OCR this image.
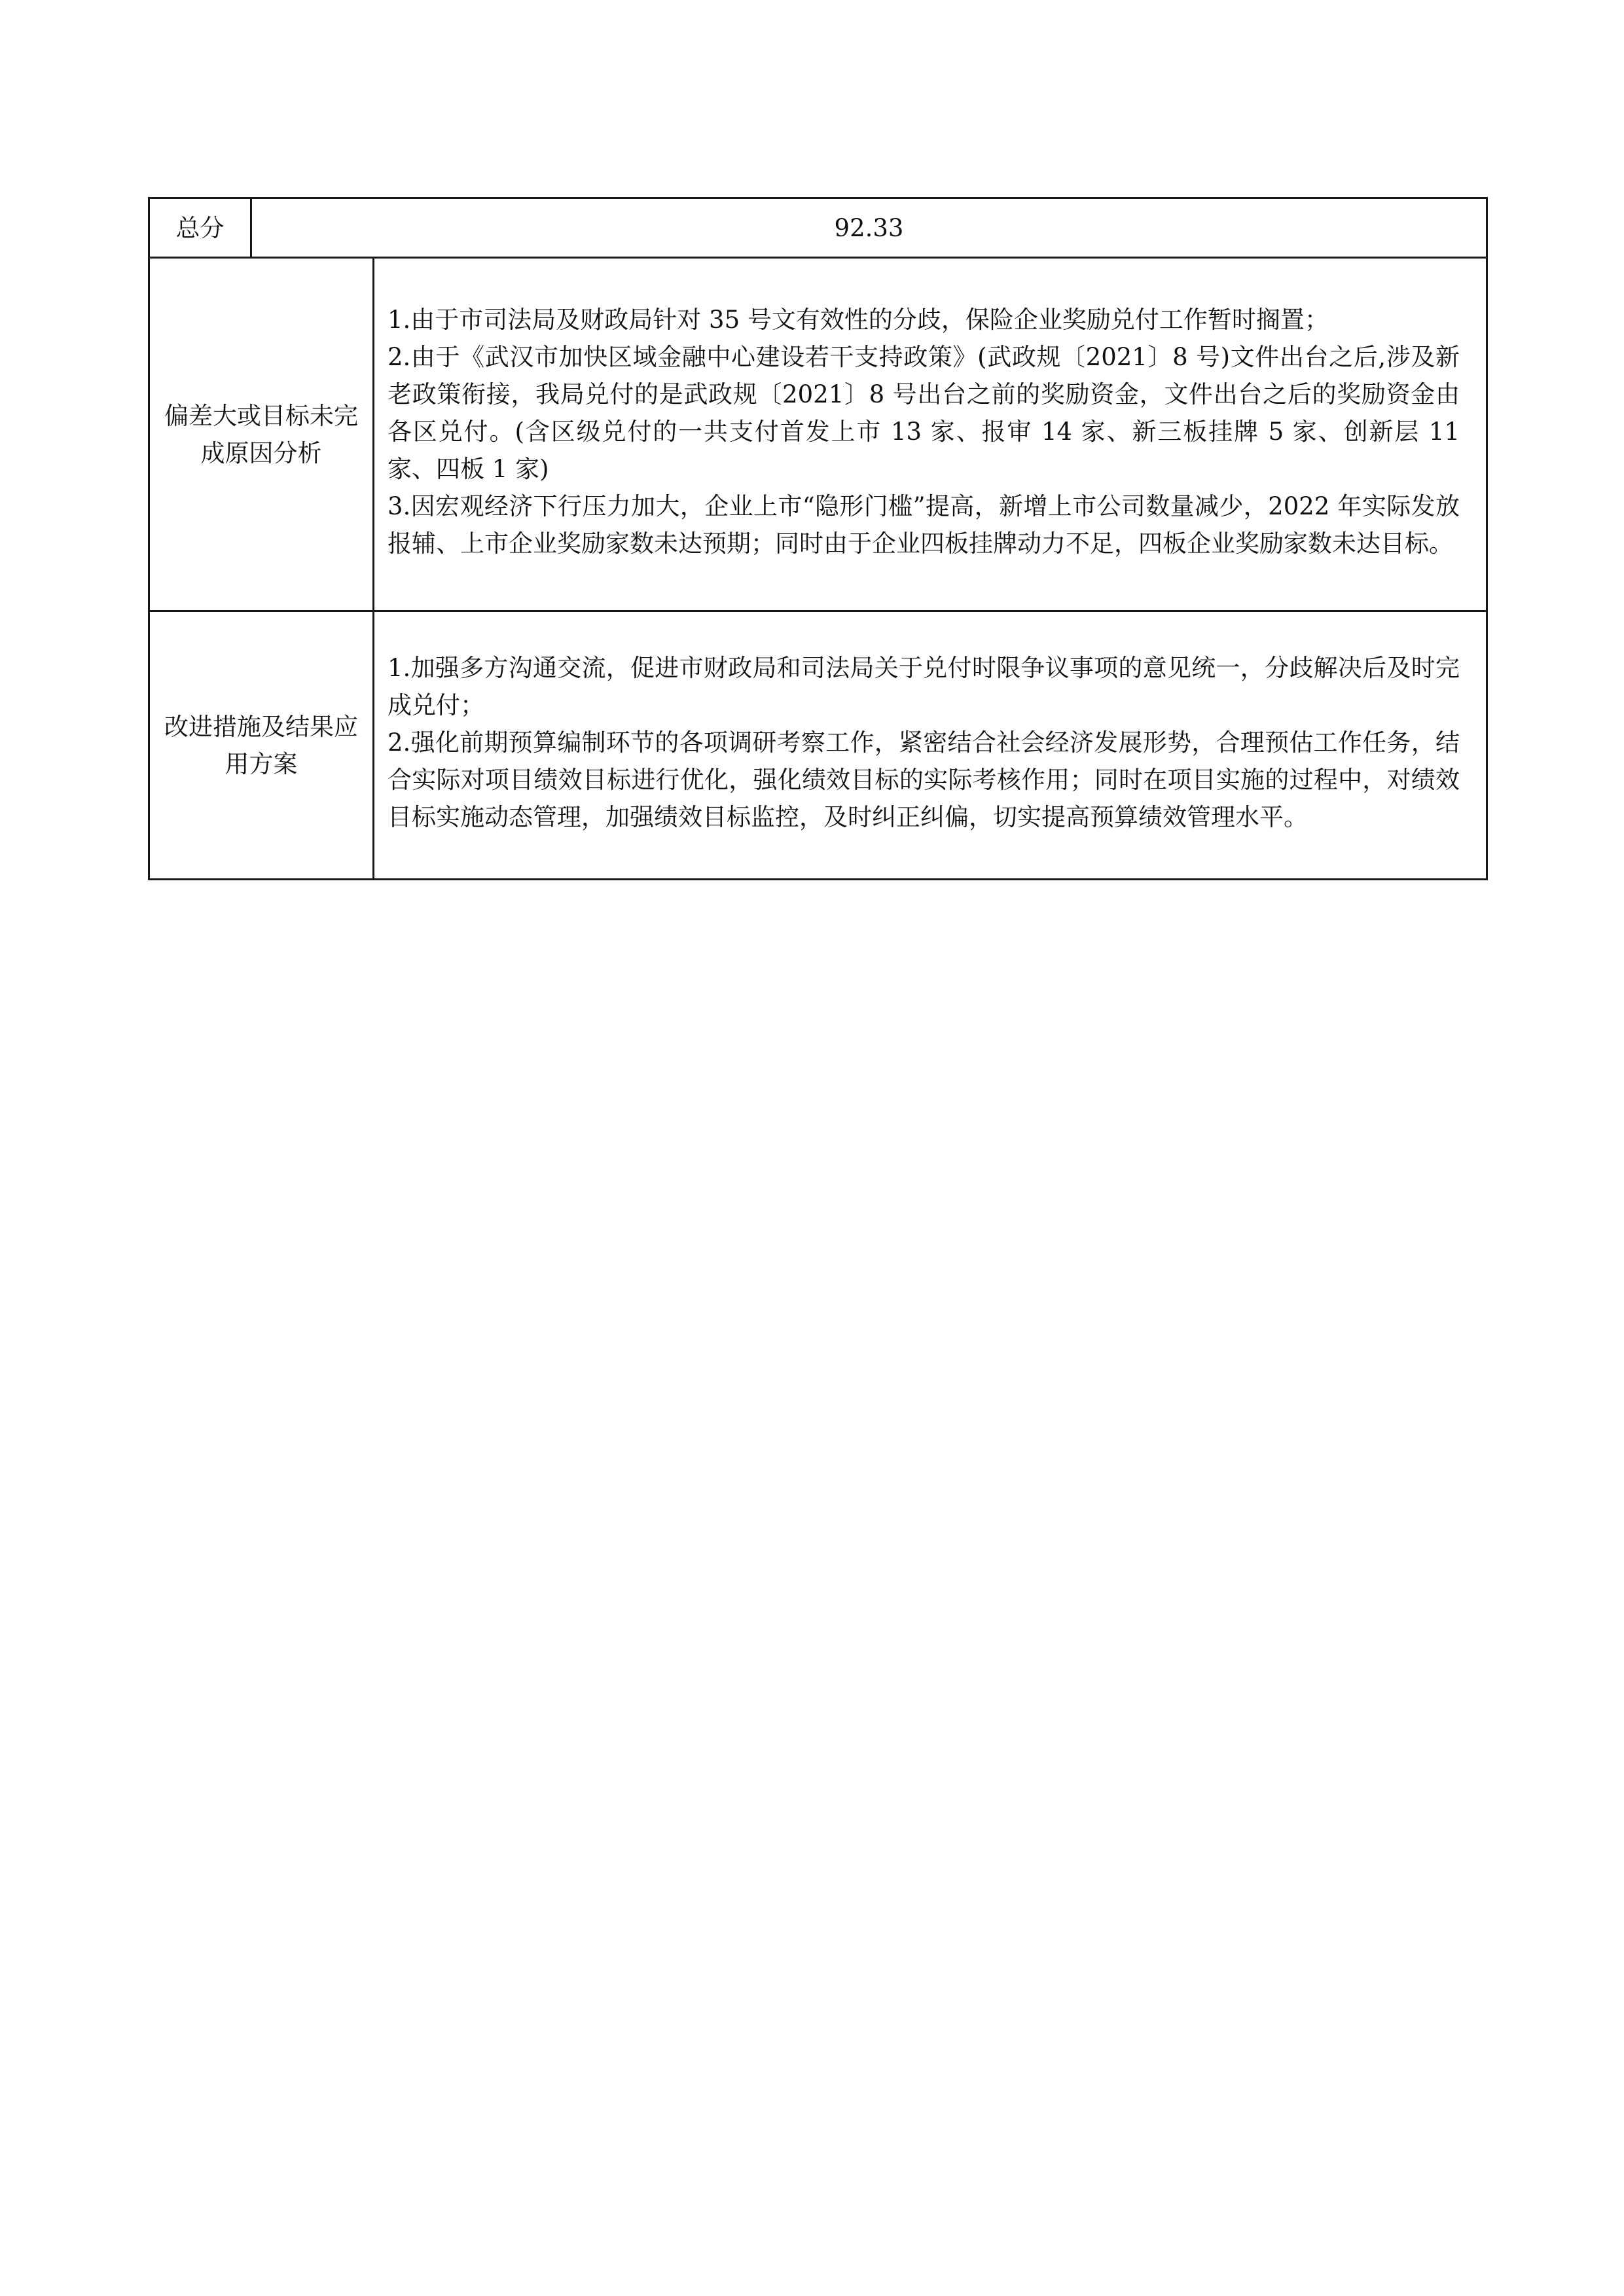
总分	92.33	

偏差大或目标未完成原因分析		1.由于市司法局及财政局针对 35 号文有效性的分歧，保险企业奖励兑付工作暂时搁置；
2.由于《武汉市加快区域金融中心建设若干支持政策》(武政规〔2021〕8 号)文件出台之后,涉及新老政策衔接，我局兑付的是武政规〔2021〕8 号出台之前的奖励资金，文件出台之后的奖励资金由各区兑付。(含区级兑付的一共支付首发上市 13 家、报审 14 家、新三板挂牌 5 家、创新层 11 家、四板 1 家)
3.因宏观经济下行压力加大，企业上市“隐形门槛”提高，新增上市公司数量减少，2022 年实际发放报辅、上市企业奖励家数未达预期；同时由于企业四板挂牌动力不足，四板企业奖励家数未达目标。

改进措施及结果应用方案		1.加强多方沟通交流，促进市财政局和司法局关于兑付时限争议事项的意见统一，分歧解决后及时完成兑付；
2.强化前期预算编制环节的各项调研考察工作，紧密结合社会经济发展形势，合理预估工作任务，结合实际对项目绩效目标进行优化，强化绩效目标的实际考核作用；同时在项目实施的过程中，对绩效目标实施动态管理，加强绩效目标监控，及时纠正纠偏，切实提高预算绩效管理水平。
